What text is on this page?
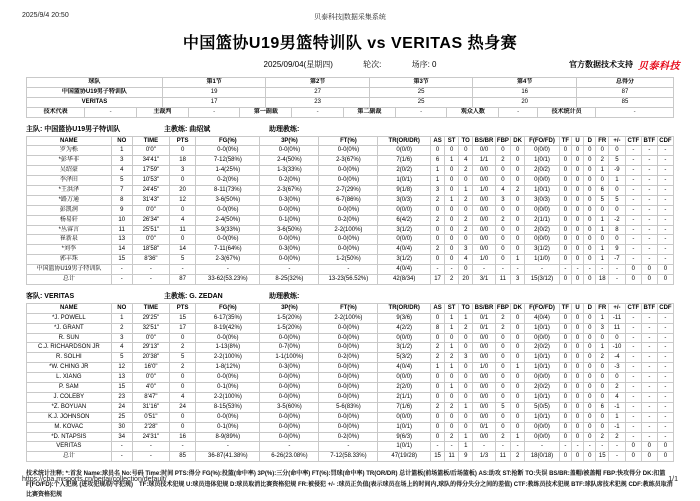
2025/9/4 20:50	贝泰科技|数据采集系统
中国篮协U19男篮特训队 vs VERITAS 热身赛
2025/09/04(星期四)	轮次:	场序: 0	官方数据技术支持 贝泰科技
球队	第1节	第2节	第3节	第4节	总得分
中国篮协U19男子特训队	19	27	25	16	87
VERITAS	17	23	25	20	85
技术代表	-	主裁判	-	第一副裁	-	第二副裁	-	观众人数	-	技术统计员	-
主队: 中国篮协U19男子特训队	主教练: 曲绍斌	助理教练:
NAME	NO	TIME	PTS	FG(%)	3P(%)	FT(%)	TR(OR/DR)	AS	ST	TO	BS/BR	FBP	DK	F(FO/FD)	TF	U	D	FR	+/-	CTF	BTF	CDF
罗为栎	1	0'0"	0	0-0(0%)	0-0(0%)	0-0(0%)	0(0/0)	0	0	0	0/0	0	0	0(0/0)	0	0	0	0	0	-	-	-
*彭华非	3	34'41"	18	7-12(58%)	2-4(50%)	2-3(67%)	7(1/6)	6	1	4	1/1	2	0	1(0/1)	0	0	0	2	5	-	-	-
吴绍豪	4	17'59"	3	1-4(25%)	1-3(33%)	0-0(0%)	2(0/2)	1	0	2	0/0	0	0	2(0/2)	0	0	0	1	-9	-	-	-
李泽田	5	10'53"	0	0-2(0%)	0-2(0%)	0-0(0%)	1(0/1)	1	0	0	0/0	0	0	0(0/0)	0	0	0	0	1	-	-	-
*王洪泽	7	24'45"	20	8-11(73%)	2-3(67%)	2-7(29%)	9(1/8)	3	0	1	1/0	4	2	1(0/1)	0	0	0	6	0	-	-	-
*路万通	8	31'43"	12	3-6(50%)	0-3(0%)	6-7(86%)	3(0/3)	2	1	2	0/0	3	0	3(0/3)	0	0	0	5	5	-	-	-
彭凯润	9	0'0"	0	0-0(0%)	0-0(0%)	0-0(0%)	0(0/0)	0	0	0	0/0	0	0	0(0/0)	0	0	0	0	0	-	-	-
杨易轩	10	26'34"	4	2-4(50%)	0-1(0%)	0-2(0%)	6(4/2)	2	0	2	0/0	2	0	2(1/1)	0	0	0	1	-2	-	-	-
*丛睿言	11	25'51"	11	3-9(33%)	3-6(50%)	2-2(100%)	3(1/2)	0	0	2	0/0	0	0	2(0/2)	0	0	0	1	8	-	-	-
崔新泉	13	0'0"	0	0-0(0%)	0-0(0%)	0-0(0%)	0(0/0)	0	0	0	0/0	0	0	0(0/0)	0	0	0	0	0	-	-	-
*刘李	14	18'58"	14	7-11(64%)	0-3(0%)	0-0(0%)	4(0/4)	2	0	3	0/0	0	0	3(1/2)	0	0	0	1	9	-	-	-
郭丰珠	15	8'36"	5	2-3(67%)	0-0(0%)	1-2(50%)	3(1/2)	0	0	4	1/0	0	1	1(1/0)	0	0	0	1	-7	-	-	-
中国篮协U19男子特训队	-	-	-	-	-	-	4(0/4)	-	-	0	-	-	-	-	-	-	-	-	-	0	0	0
总计	-	-	87	33-62(53.23%)	8-25(32%)	13-23(56.52%)	42(8/34)	17	2	20	3/1	11	3	15(3/12)	0	0	0	18	-	0	0	0
客队: VERITAS	主教练: G. ZEDAN	助理教练:
NAME	NO	TIME	PTS	FG(%)	3P(%)	FT(%)	TR(OR/DR)	AS	ST	TO	BS/BR	FBP	DK	F(FO/FD)	TF	U	D	FR	+/-	CTF	BTF	CDF
*J. POWELL	1	29'25"	15	6-17(35%)	1-5(20%)	2-2(100%)	9(3/6)	0	1	1	0/1	2	0	4(0/4)	0	0	0	1	-11	-	-	-
*J. GRANT	2	32'51"	17	8-19(42%)	1-5(20%)	0-0(0%)	4(2/2)	8	1	2	0/1	2	0	1(0/1)	0	0	0	3	11	-	-	-
R. SUN	3	0'0"	0	0-0(0%)	0-0(0%)	0-0(0%)	0(0/0)	0	0	0	0/0	0	0	0(0/0)	0	0	0	0	0	-	-	-
C.J. RICHARDSON JR	4	29'13"	2	1-13(8%)	0-7(0%)	0-0(0%)	3(1/2)	2	1	0	0/0	0	0	2(0/2)	0	0	0	1	-10	-	-	-
R. SOLHI	5	20'38"	5	2-2(100%)	1-1(100%)	0-2(0%)	5(3/2)	2	2	3	0/0	0	0	1(0/1)	0	0	0	2	-4	-	-	-
*W. CHING JR	12	16'0"	2	1-8(12%)	0-3(0%)	0-0(0%)	4(0/4)	1	1	0	1/0	0	1	1(0/1)	0	0	0	0	-3	-	-	-
L. XIANG	13	0'0"	0	0-0(0%)	0-0(0%)	0-0(0%)	0(0/0)	0	0	0	0/0	0	0	0(0/0)	0	0	0	0	0	-	-	-
P. SAM	15	4'0"	0	0-1(0%)	0-0(0%)	0-0(0%)	2(2/0)	0	1	0	0/0	0	0	2(0/2)	0	0	0	0	2	-	-	-
J. COLEBY	23	8'47"	4	2-2(100%)	0-0(0%)	0-0(0%)	2(1/1)	0	0	0	0/0	0	0	1(0/1)	0	0	0	0	4	-	-	-
*Z. BOYUAN	24	31'16"	24	8-15(53%)	3-5(60%)	5-6(83%)	7(1/6)	2	2	1	0/0	5	0	5(0/5)	0	0	0	6	-1	-	-	-
K.J. JOHNSON	25	0'51"	0	0-0(0%)	0-0(0%)	0-0(0%)	0(0/0)	0	0	0	0/0	0	0	1(0/1)	0	0	0	0	1	-	-	-
M. KOVAC	30	2'28"	0	0-1(0%)	0-0(0%)	0-0(0%)	1(0/1)	0	0	0	0/1	0	0	0(0/0)	0	0	0	0	-1	-	-	-
*D. NTAPSIS	34	24'31"	16	8-9(89%)	0-0(0%)	0-2(0%)	9(6/3)	0	2	1	0/0	2	1	0(0/0)	0	0	0	2	2	-	-	-
VERITAS	-	-	-	-	-	-	1(0/1)	-	-	1	-	-	-	-	-	-	-	-	-	0	0	0
总计	-	-	85	36-87(41.38%)	6-26(23.08%)	7-12(58.33%)	47(19/28)	15	11	9	1/3	11	2	18(0/18)	0	0	0	15	-	0	0	0
技术统计注释: *:首发 Name:球员名 No:号码 Time:时间 PTS:得分 FG(%):投篮(命中率) 3P(%):三分(命中率) FT(%):罚球(命中率) TR(OR/DR) 总计篮板(前场篮板/后场篮板) AS:助攻 ST:抢断 TO:失误 BS/BR:盖帽/被盖帽 FBP:快攻得分 DK:扣篮 F(FO/FD):个人犯规 (进攻犯规/防守犯规)　TF:球员技术犯规 U:球员违体犯规 D:球员取消比赛资格犯规 FR:被侵犯 +/- :球员正负值(表示球员在场上的时间内,球队的得分失分之间的差值) CTF:教练员技术犯规 BTF:球队席技术犯规 CDF:教练员取消比赛资格犯规
https://cba.misports.cn/beitai/collection/default/	1/1
